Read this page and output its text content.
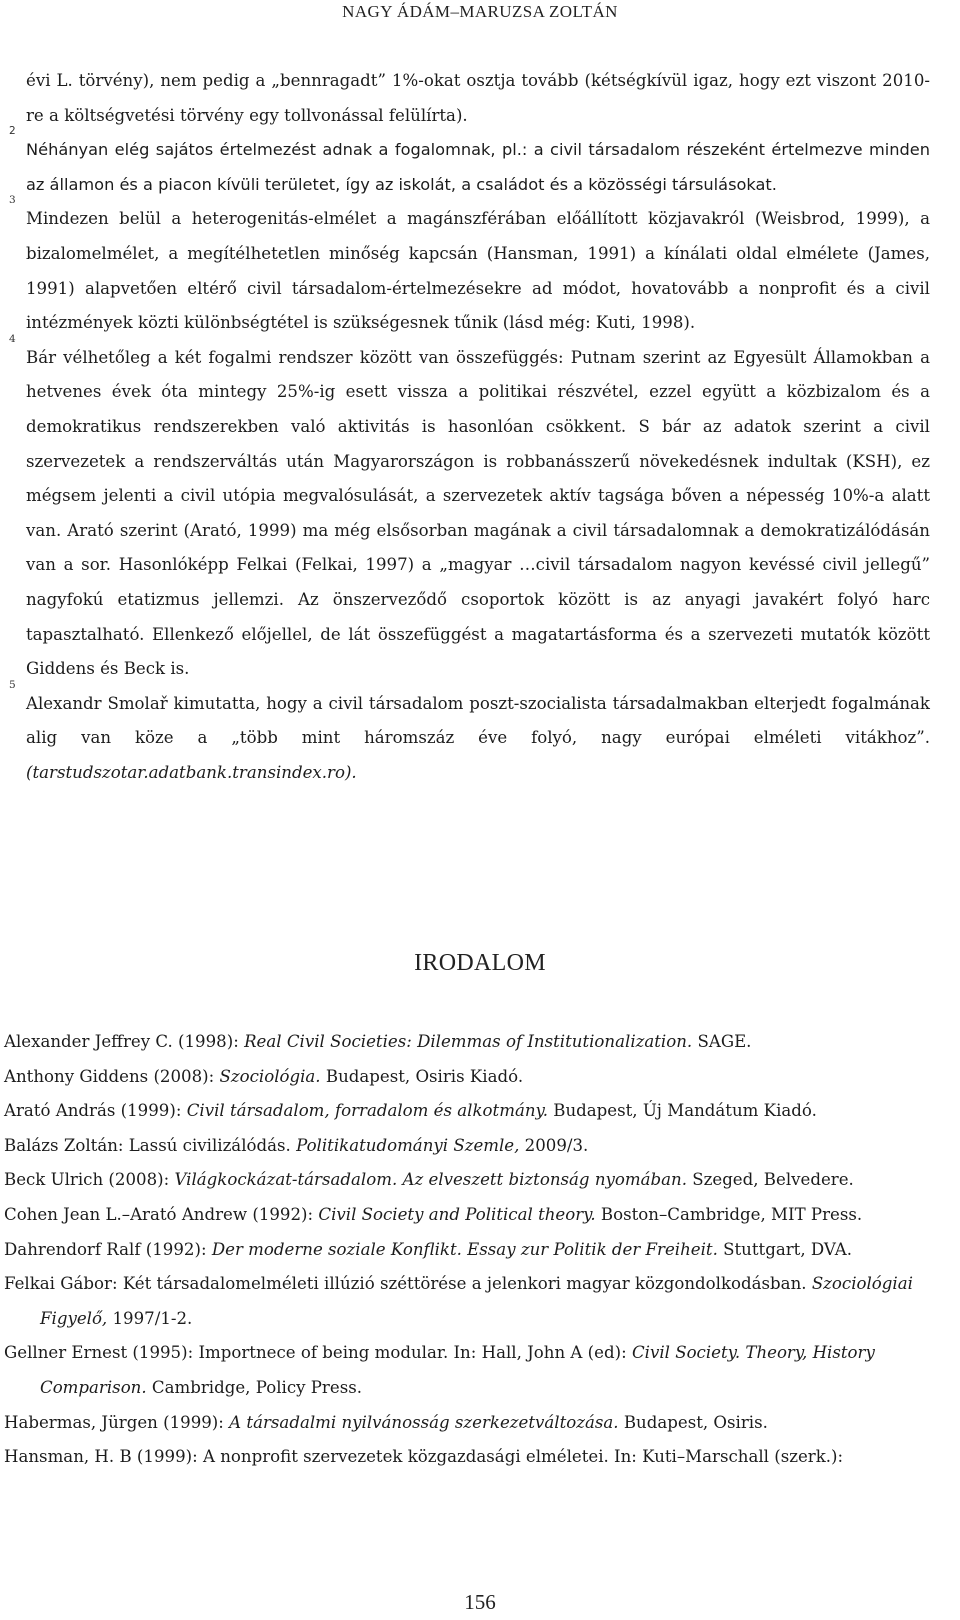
NAGY ÁDÁM–MARUZSA ZOLTÁN

évi L. törvény), nem pedig a „bennragadt” 1%-okat osztja tovább (kétségkívül igaz, hogy ezt viszont 2010-re a költségvetési törvény egy tollvonással felülírta).

2
Néhányan elég sajátos értelmezést adnak a fogalomnak, pl.: a civil társadalom részeként értelmezve minden az államon és a piacon kívüli területet, így az iskolát, a családot és a közösségi társulásokat.

3
Mindezen belül a heterogenitás-elmélet a magánszférában előállított közjavakról (Weisbrod, 1999), a bizalomelmélet, a megítélhetetlen minőség kapcsán (Hansman, 1991) a kínálati oldal elmélete (James, 1991) alapvetően eltérő civil társadalom-értelmezésekre ad módot, hovatovább a nonprofit és a civil intézmények közti különbségtétel is szükségesnek tűnik (lásd még: Kuti, 1998).

4
Bár vélhetőleg a két fogalmi rendszer között van összefüggés: Putnam szerint az Egyesült Államokban a hetvenes évek óta mintegy 25%-ig esett vissza a politikai részvétel, ezzel együtt a közbizalom és a demokratikus rendszerekben való aktivitás is hasonlóan csökkent. S bár az adatok szerint a civil szervezetek a rendszerváltás után Magyarországon is robbanásszerű növekedésnek indultak (KSH), ez mégsem jelenti a civil utópia megvalósulását, a szervezetek aktív tagsága bőven a népesség 10%-a alatt van. Arató szerint (Arató, 1999) ma még elsősorban magának a civil társadalomnak a demokratizálódásán van a sor. Hasonlóképp Felkai (Felkai, 1997) a „magyar …civil társadalom nagyon kevéssé civil jellegű” nagyfokú etatizmus jellemzi. Az önszerveződő csoportok között is az anyagi javakért folyó harc tapasztalható. Ellenkező előjellel, de lát összefüggést a magatartásforma és a szervezeti mutatók között Giddens és Beck is.

5
Alexandr Smolař kimutatta, hogy a civil társadalom poszt-szocialista társadalmakban elterjedt fogalmának alig van köze a „több mint háromszáz éve folyó, nagy európai elméleti vitákhoz”. (tarstudszotar.adatbank.transindex.ro).

IRODALOM

Alexander Jeffrey C. (1998): Real Civil Societies: Dilemmas of Institutionalization. SAGE.

Anthony Giddens (2008): Szociológia. Budapest, Osiris Kiadó.

Arató András (1999): Civil társadalom, forradalom és alkotmány. Budapest, Új Mandátum Kiadó.

Balázs Zoltán: Lassú civilizálódás. Politikatudományi Szemle, 2009/3.

Beck Ulrich (2008): Világkockázat-társadalom. Az elveszett biztonság nyomában. Szeged, Belvedere.

Cohen Jean L.–Arató Andrew (1992): Civil Society and Political theory. Boston–Cambridge, MIT Press.

Dahrendorf Ralf (1992): Der moderne soziale Konflikt. Essay zur Politik der Freiheit. Stuttgart, DVA.

Felkai Gábor: Két társadalomelméleti illúzió széttörése a jelenkori magyar közgondolkodásban. Szociológiai Figyelő, 1997/1-2.

Gellner Ernest (1995): Importnece of being modular. In: Hall, John A (ed): Civil Society. Theory, History Comparison. Cambridge, Policy Press.

Habermas, Jürgen (1999): A társadalmi nyilvánosság szerkezetváltozása. Budapest, Osiris.

Hansman, H. B (1999): A nonprofit szervezetek közgazdasági elméletei. In: Kuti–Marschall (szerk.):

156
